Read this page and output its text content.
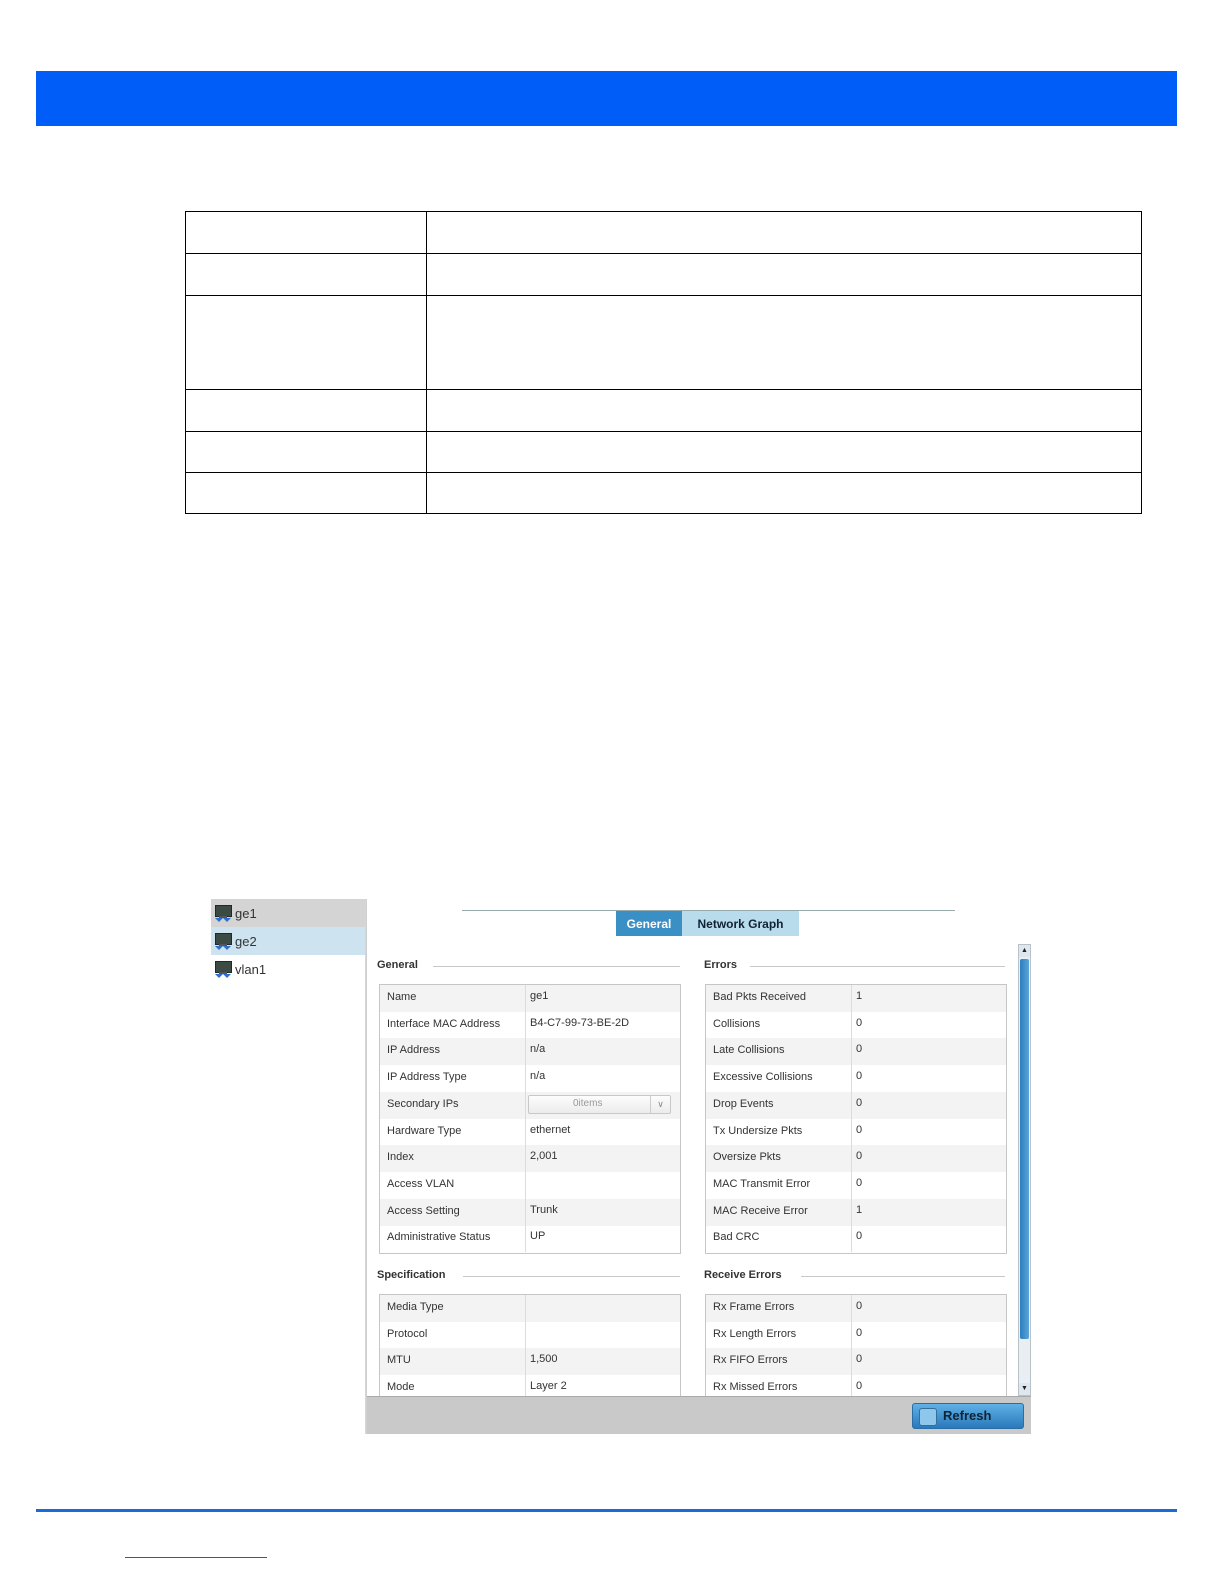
ge1
ge2
vlan1
General	Network Graph
General
Name	ge1
Interface MAC Address	B4-C7-99-73-BE-2D
IP Address	n/a
IP Address Type	n/a
Secondary IPs	0items	∨
Hardware Type	ethernet
Index	2,001
Access VLAN
Access Setting	Trunk
Administrative Status	UP
Errors
Bad Pkts Received	1
Collisions	0
Late Collisions	0
Excessive Collisions	0
Drop Events	0
Tx Undersize Pkts	0
Oversize Pkts	0
MAC Transmit Error	0
MAC Receive Error	1
Bad CRC	0
Specification
Media Type
Protocol
MTU	1,500
Mode	Layer 2
Receive Errors
Rx Frame Errors	0
Rx Length Errors	0
Rx FIFO Errors	0
Rx Missed Errors	0
▲
▼
Refresh
